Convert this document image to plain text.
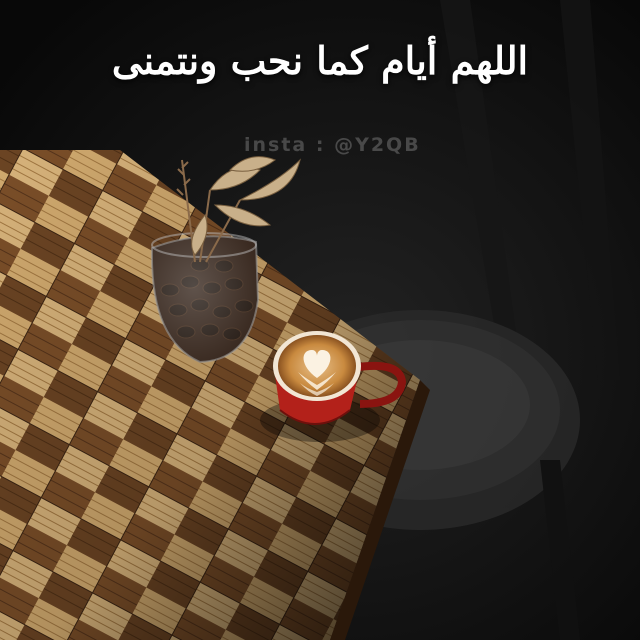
اللهم أيام كما نحب ونتمنى
insta : @Y2QB
